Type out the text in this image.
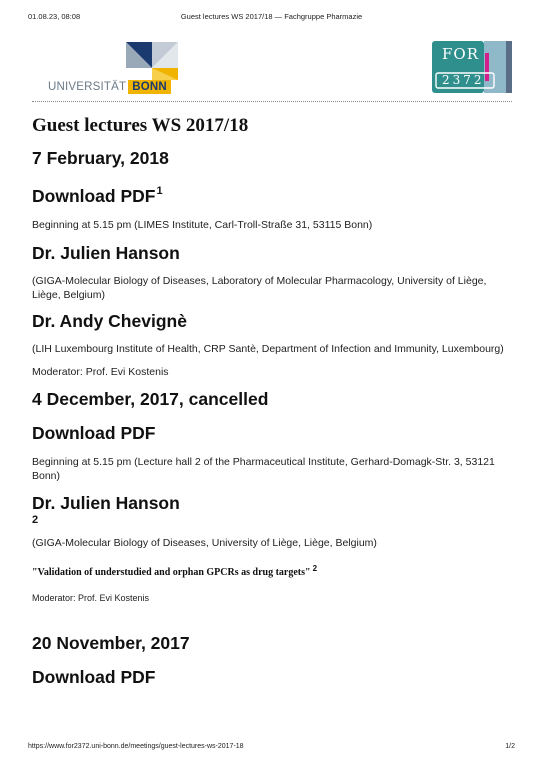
01.08.23, 08:08	Guest lectures WS 2017/18 — Fachgruppe Pharmazie
UNIVERSITÄT BONN
FOR
2372
Guest lectures WS 2017/18
7 February, 2018
Download PDF$^1$

Beginning at 5.15 pm (LIMES Institute, Carl-Troll-Straße 31, 53115 Bonn)

Dr. Julien Hanson

(GIGA-Molecular Biology of Diseases, Laboratory of Molecular Pharmacology, University of Liège, Liège, Belgium)

Dr. Andy Chevignè

(LIH Luxembourg Institute of Health, CRP Santè, Department of Infection and Immunity, Luxembourg)

Moderator: Prof. Evi Kostenis

4 December, 2017, cancelled
Download PDF

Beginning at 5.15 pm (Lecture hall 2 of the Pharmaceutical Institute, Gerhard-Domagk-Str. 3, 53121 Bonn)

Dr. Julien Hanson
2

(GIGA-Molecular Biology of Diseases, University of Liège, Liège, Belgium)

"Validation of understudied and orphan GPCRs as drug targets" $^2$

Moderator: Prof. Evi Kostenis

20 November, 2017
Download PDF
https://www.for2372.uni-bonn.de/meetings/guest-lectures-ws-2017-18	1/2
